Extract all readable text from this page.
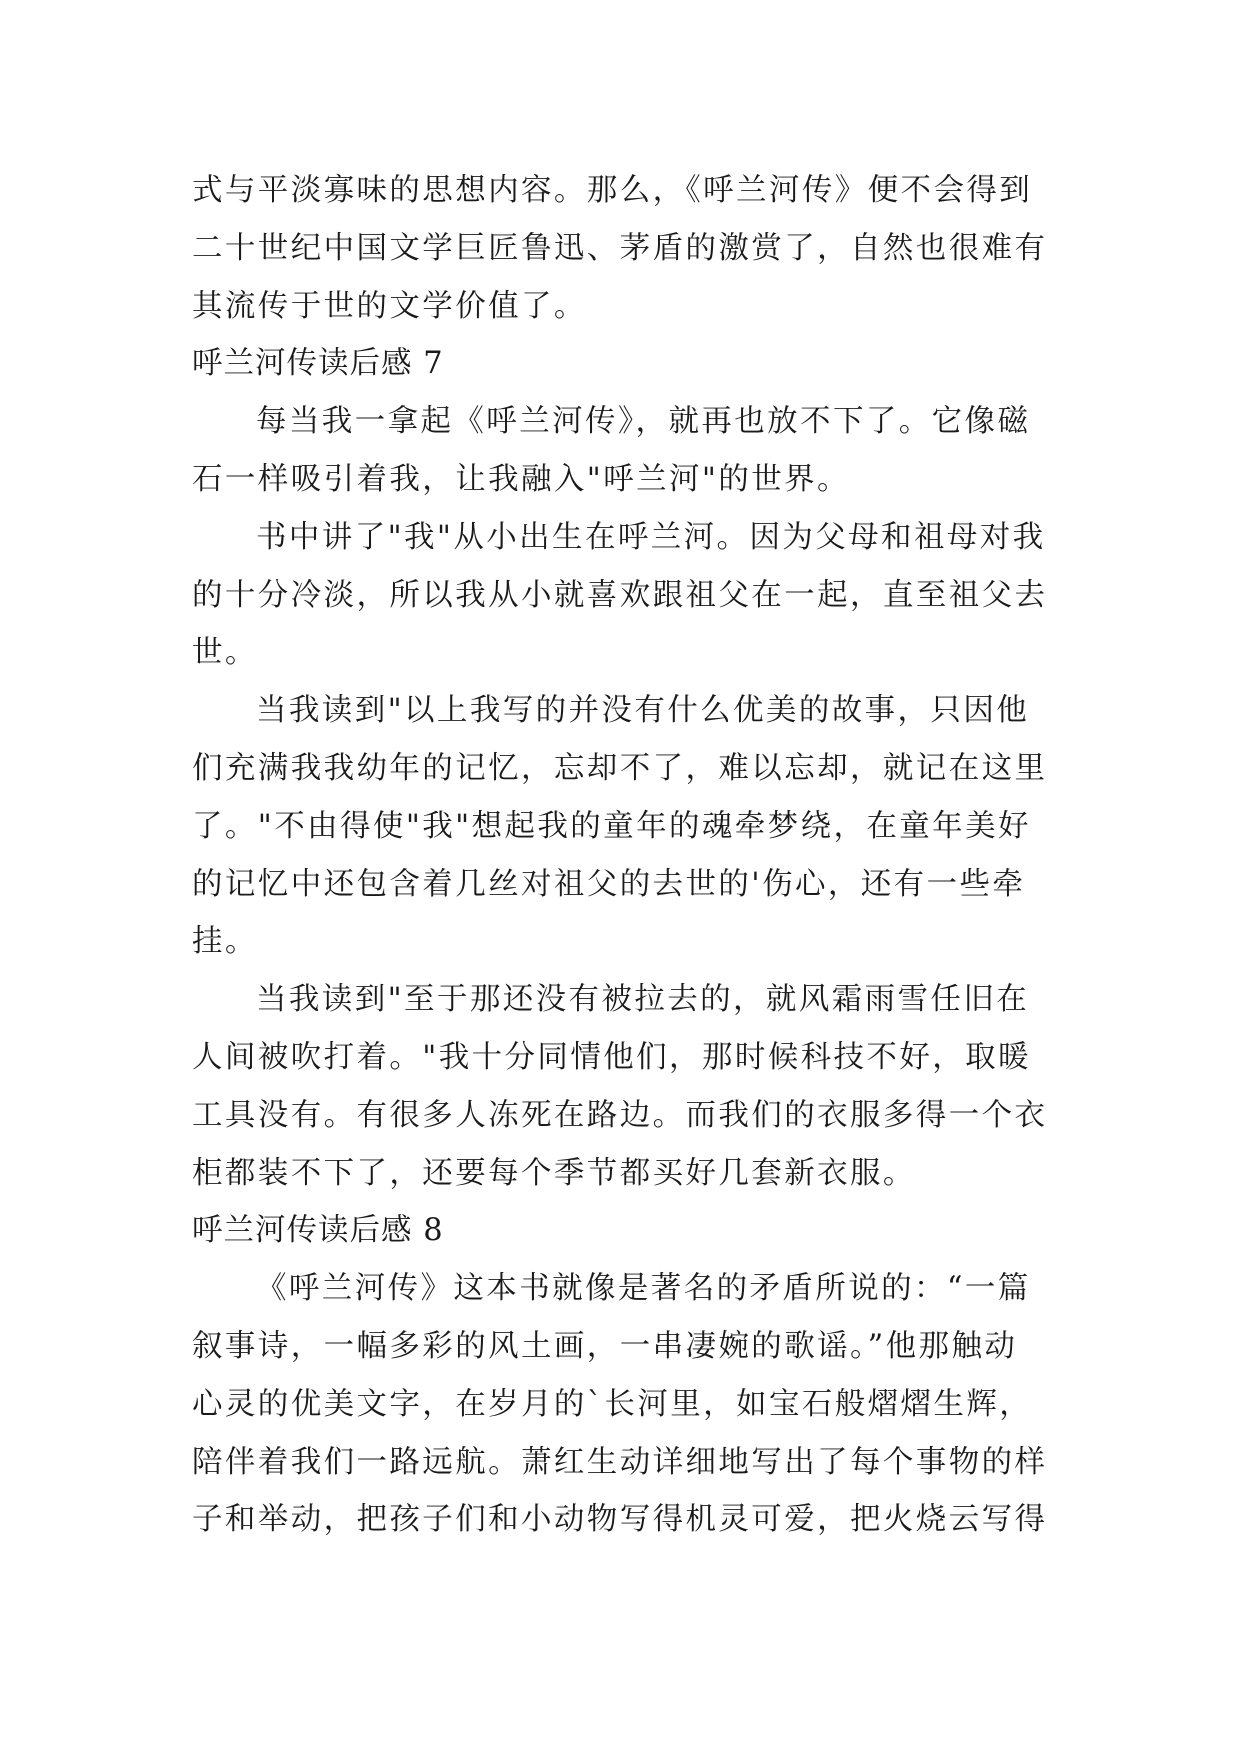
式与平淡寡味的思想内容。那么，《呼兰河传》便不会得到
二十世纪中国文学巨匠鲁迅、茅盾的激赏了，自然也很难有
其流传于世的文学价值了。
呼兰河传读后感 7
每当我一拿起《呼兰河传》，就再也放不下了。它像磁
石一样吸引着我，让我融入"呼兰河"的世界。
书中讲了"我"从小出生在呼兰河。因为父母和祖母对我
的十分冷淡，所以我从小就喜欢跟祖父在一起，直至祖父去
世。
当我读到"以上我写的并没有什么优美的故事，只因他
们充满我我幼年的记忆，忘却不了，难以忘却，就记在这里
了。"不由得使"我"想起我的童年的魂牵梦绕，在童年美好
的记忆中还包含着几丝对祖父的去世的'伤心，还有一些牵
挂。
当我读到"至于那还没有被拉去的，就风霜雨雪任旧在
人间被吹打着。"我十分同情他们，那时候科技不好，取暖
工具没有。有很多人冻死在路边。而我们的衣服多得一个衣
柜都装不下了，还要每个季节都买好几套新衣服。
呼兰河传读后感 8
《呼兰河传》这本书就像是著名的矛盾所说的：“一篇
叙事诗，一幅多彩的风土画，一串凄婉的歌谣。”他那触动
心灵的优美文字，在岁月的`长河里，如宝石般熠熠生辉，
陪伴着我们一路远航。萧红生动详细地写出了每个事物的样
子和举动，把孩子们和小动物写得机灵可爱，把火烧云写得
